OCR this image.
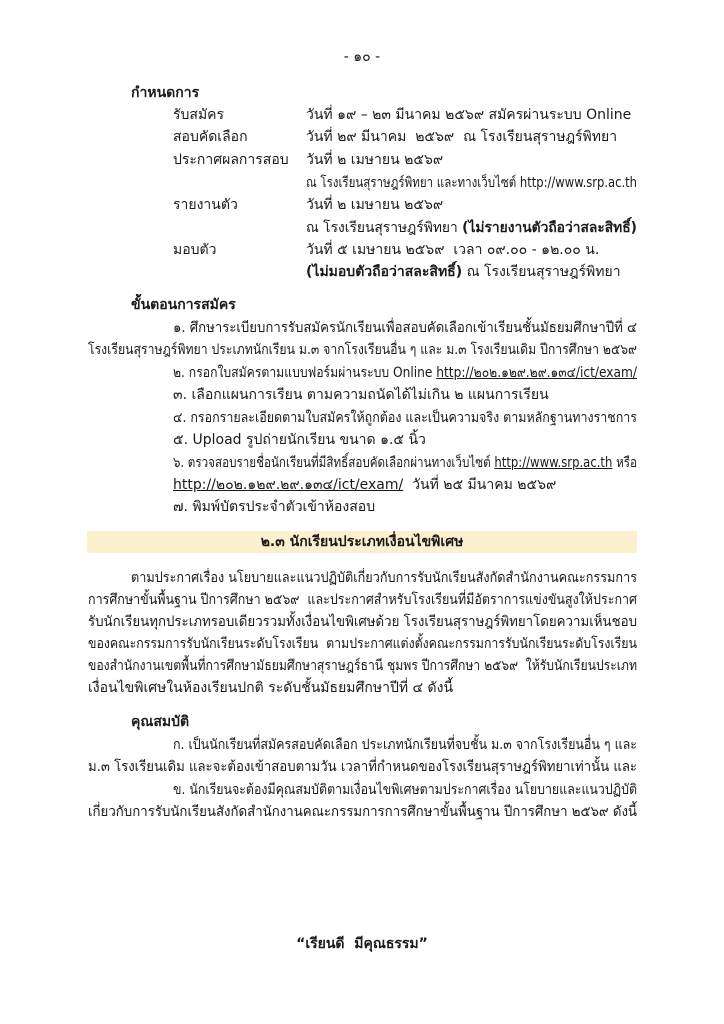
- ๑๐ -
กำหนดการ
รับสมัคร	วันที่ ๑๙ – ๒๓ มีนาคม ๒๕๖๙ สมัครผ่านระบบ Online
สอบคัดเลือก	วันที่ ๒๙ มีนาคม  ๒๕๖๙  ณ โรงเรียนสุราษฎร์พิทยา
ประกาศผลการสอบ	วันที่ ๒ เมษายน ๒๕๖๙
ณ โรงเรียนสุราษฎร์พิทยา และทางเว็บไซต์ http://www.srp.ac.th
รายงานตัว	วันที่ ๒ เมษายน ๒๕๖๙
ณ โรงเรียนสุราษฎร์พิทยา (ไม่รายงานตัวถือว่าสละสิทธิ์)
มอบตัว	วันที่ ๕ เมษายน ๒๕๖๙  เวลา ๐๙.๐๐ - ๑๒.๐๐ น.
(ไม่มอบตัวถือว่าสละสิทธิ์) ณ โรงเรียนสุราษฎร์พิทยา
ขั้นตอนการสมัคร
๑. ศึกษาระเบียบการรับสมัครนักเรียนเพื่อสอบคัดเลือกเข้าเรียนชั้นมัธยมศึกษาปีที่ ๔
โรงเรียนสุราษฎร์พิทยา ประเภทนักเรียน ม.๓ จากโรงเรียนอื่น ๆ และ ม.๓ โรงเรียนเดิม ปีการศึกษา ๒๕๖๙
๒. กรอกใบสมัครตามแบบฟอร์มผ่านระบบ Online http://๒๐๒.๑๒๙.๒๙.๑๓๔/ict/exam/
๓. เลือกแผนการเรียน ตามความถนัดได้ไม่เกิน ๒ แผนการเรียน
๔. กรอกรายละเอียดตามใบสมัครให้ถูกต้อง และเป็นความจริง ตามหลักฐานทางราชการ
๕. Upload รูปถ่ายนักเรียน ขนาด ๑.๕ นิ้ว
๖. ตรวจสอบรายชื่อนักเรียนที่มีสิทธิ์สอบคัดเลือกผ่านทางเว็บไซต์ http://www.srp.ac.th หรือ
http://๒๐๒.๑๒๙.๒๙.๑๓๔/ict/exam/  วันที่ ๒๕ มีนาคม ๒๕๖๙
๗. พิมพ์บัตรประจำตัวเข้าห้องสอบ
๒.๓ นักเรียนประเภทเงื่อนไขพิเศษ
ตามประกาศเรื่อง นโยบายและแนวปฏิบัติเกี่ยวกับการรับนักเรียนสังกัดสำนักงานคณะกรรมการ
การศึกษาขั้นพื้นฐาน ปีการศึกษา ๒๕๖๙  และประกาศสำหรับโรงเรียนที่มีอัตราการแข่งขันสูงให้ประกาศ
รับนักเรียนทุกประเภทรอบเดียวรวมทั้งเงื่อนไขพิเศษด้วย โรงเรียนสุราษฎร์พิทยาโดยความเห็นชอบ
ของคณะกรรมการรับนักเรียนระดับโรงเรียน  ตามประกาศแต่งตั้งคณะกรรมการรับนักเรียนระดับโรงเรียน
ของสำนักงานเขตพื้นที่การศึกษามัธยมศึกษาสุราษฎร์ธานี ชุมพร ปีการศึกษา ๒๕๖๙  ให้รับนักเรียนประเภท
เงื่อนไขพิเศษในห้องเรียนปกติ ระดับชั้นมัธยมศึกษาปีที่ ๔ ดังนี้
คุณสมบัติ
ก. เป็นนักเรียนที่สมัครสอบคัดเลือก ประเภทนักเรียนที่จบชั้น ม.๓ จากโรงเรียนอื่น ๆ และ
ม.๓ โรงเรียนเดิม และจะต้องเข้าสอบตามวัน เวลาที่กำหนดของโรงเรียนสุราษฎร์พิทยาเท่านั้น และ
ข. นักเรียนจะต้องมีคุณสมบัติตามเงื่อนไขพิเศษตามประกาศเรื่อง นโยบายและแนวปฏิบัติ
เกี่ยวกับการรับนักเรียนสังกัดสำนักงานคณะกรรมการการศึกษาขั้นพื้นฐาน ปีการศึกษา ๒๕๖๙ ดังนี้
“เรียนดี  มีคุณธรรม”
